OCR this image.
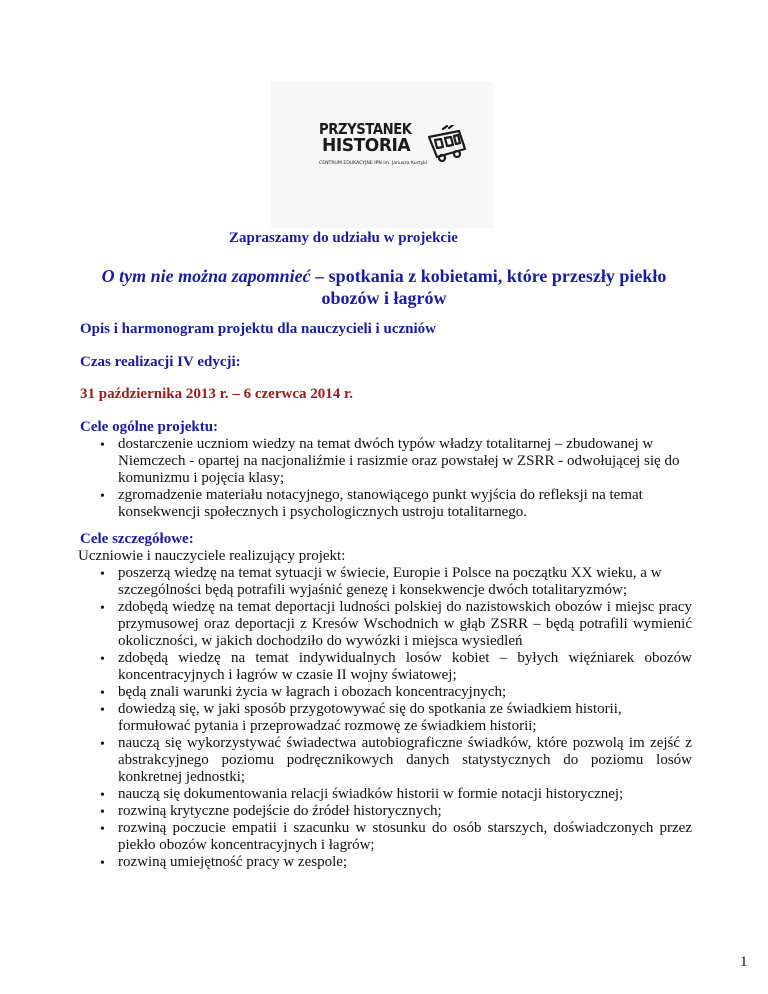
PRZYSTANEK
HISTORIA
CENTRUM EDUKACYJNE IPN im. Janusza Kurtyki
Zapraszamy do udziału w projekcie
O tym nie można zapomnieć – spotkania z kobietami, które przeszły piekło
obozów i łagrów
Opis i harmonogram projektu dla nauczycieli i uczniów
Czas realizacji IV edycji:
31 października 2013 r. – 6 czerwca 2014 r.
Cele ogólne projektu:
• dostarczenie uczniom wiedzy na temat dwóch typów władzy totalitarnej – zbudowanej w Niemczech - opartej na nacjonaliźmie i rasizmie oraz powstałej w ZSRR - odwołującej się do komunizmu i pojęcia klasy;
• zgromadzenie materiału notacyjnego, stanowiącego punkt wyjścia do refleksji na temat konsekwencji społecznych i psychologicznych ustroju totalitarnego.
Cele szczegółowe:
Uczniowie i nauczyciele realizujący projekt:
• poszerzą wiedzę na temat sytuacji w świecie, Europie i Polsce na początku XX wieku, a w szczególności będą potrafili wyjaśnić genezę i konsekwencje dwóch totalitaryzmów;
• zdobędą wiedzę na temat deportacji ludności polskiej do nazistowskich obozów i miejsc pracy przymusowej oraz deportacji z Kresów Wschodnich w głąb ZSRR – będą potrafili wymienić okoliczności, w jakich dochodziło do wywózki i miejsca wysiedleń
• zdobędą wiedzę na temat indywidualnych losów kobiet – byłych więźniarek obozów koncentracyjnych i łagrów w czasie II wojny światowej;
• będą znali warunki życia w łagrach i obozach koncentracyjnych;
• dowiedzą się, w jaki sposób przygotowywać się do spotkania ze świadkiem historii, formułować pytania i przeprowadzać rozmowę ze świadkiem historii;
• nauczą się wykorzystywać świadectwa autobiograficzne świadków, które pozwolą im zejść z abstrakcyjnego poziomu podręcznikowych danych statystycznych do poziomu losów konkretnej jednostki;
• nauczą się dokumentowania relacji świadków historii w formie notacji historycznej;
• rozwiną krytyczne podejście do źródeł historycznych;
• rozwiną poczucie empatii i szacunku w stosunku do osób starszych, doświadczonych przez piekło obozów koncentracyjnych i łagrów;
• rozwiną umiejętność pracy w zespole;
1
